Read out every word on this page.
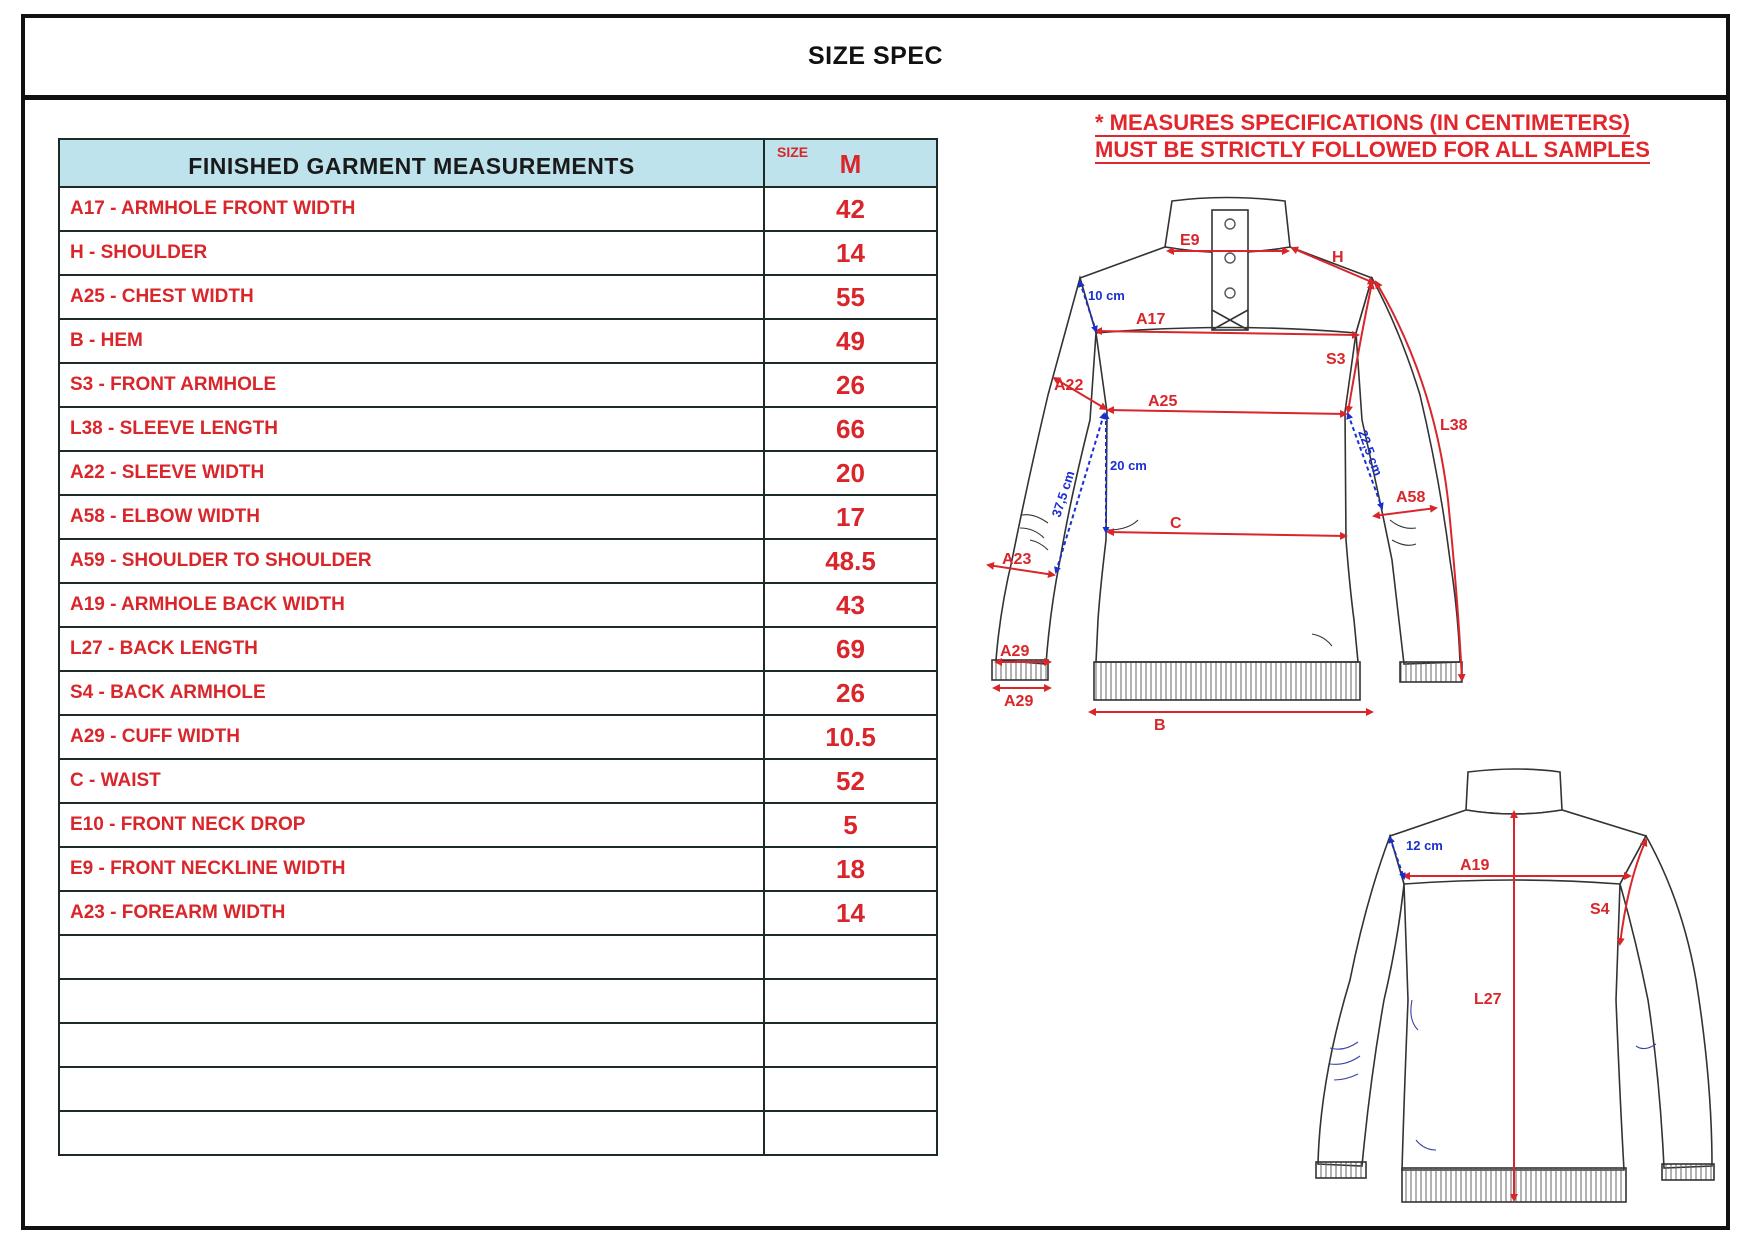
SIZE SPEC
FINISHED GARMENT MEASUREMENTS	SIZE M

A17 - ARMHOLE FRONT WIDTH	42
H - SHOULDER	14
A25 - CHEST WIDTH	55
B - HEM	49
S3 - FRONT ARMHOLE	26
L38 - SLEEVE LENGTH	66
A22 - SLEEVE WIDTH	20
A58 - ELBOW WIDTH	17
A59 - SHOULDER TO SHOULDER	48.5
A19 - ARMHOLE BACK WIDTH	43
L27 - BACK LENGTH	69
S4 - BACK ARMHOLE	26
A29 - CUFF WIDTH	10.5
C - WAIST	52
E10 - FRONT NECK DROP	5
E9 - FRONT NECKLINE WIDTH	18
A23 - FOREARM WIDTH	14

* MEASURES SPECIFICATIONS (IN CENTIMETERS)
MUST BE STRICTLY FOLLOWED FOR ALL SAMPLES
E9
H
A17
S3
A22
A25
L38
A58
C
A23
A29
A29
B
10 cm
20 cm	22,5 cm
37,5 cm
12 cm
A19
S4
L27
